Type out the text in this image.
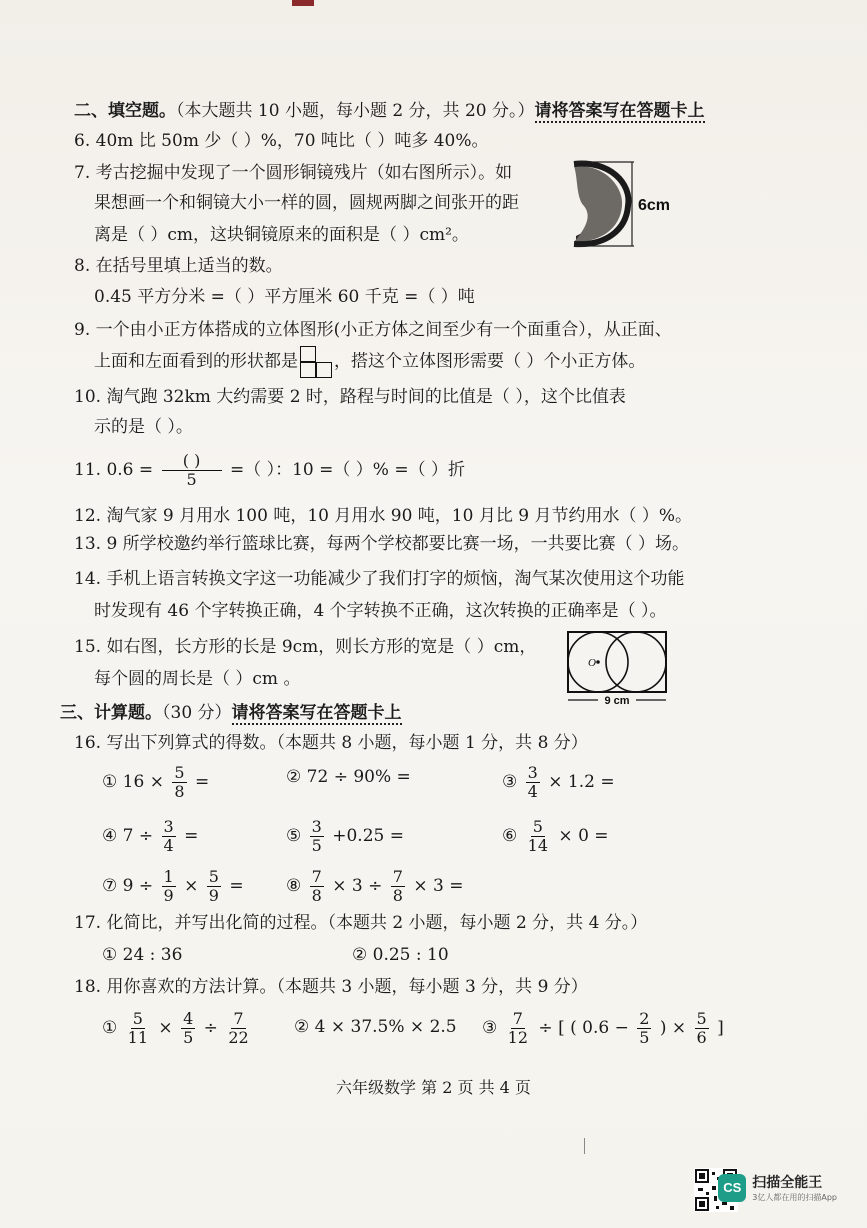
二、填空题。（本大题共 10 小题，每小题 2 分，共 20 分。）请将答案写在答题卡上
6. 40m 比 50m 少（ ）%，70 吨比（ ）吨多 40%。
7. 考古挖掘中发现了一个圆形铜镜残片（如右图所示）。如
果想画一个和铜镜大小一样的圆，圆规两脚之间张开的距
离是（ ）cm，这块铜镜原来的面积是（ ）cm²。
6cm
8. 在括号里填上适当的数。
0.45 平方分米 =（ ）平方厘米 60 千克 =（ ）吨
9. 一个由小正方体搭成的立体图形(小正方体之间至少有一个面重合），从正面、
上面和左面看到的形状都是 ，搭这个立体图形需要（ ）个小正方体。
10. 淘气跑 32km 大约需要 2 时，路程与时间的比值是（ ），这个比值表
示的是（ ）。
11. $0.6 = \frac{( )}{5}$ =（ ）：10 =（ ）% =（ ）折
12. 淘气家 9 月用水 100 吨，10 月用水 90 吨，10 月比 9 月节约用水（ ）%。
13. 9 所学校邀约举行篮球比赛，每两个学校都要比赛一场，一共要比赛（ ）场。
14. 手机上语言转换文字这一功能减少了我们打字的烦恼，淘气某次使用这个功能
时发现有 46 个字转换正确，4 个字转换不正确，这次转换的正确率是（ ）。
15. 如右图，长方形的长是 9cm，则长方形的宽是（ ）cm，
每个圆的周长是（ ）cm 。
O
9 cm
三、计算题。（30 分）请将答案写在答题卡上
16. 写出下列算式的得数。（本题共 8 小题，每小题 1 分，共 8 分）
① $16 \times \frac{5}{8}$ =	② 72 ÷ 90% =	③ $\frac{3}{4} \times 1.2$ =
④ $7 \div \frac{3}{4}$ =	⑤ $\frac{3}{5} +0.25$ =	⑥ $\frac{5}{14} \times 0$ =
⑦ $9 \div \frac{1}{9} \times \frac{5}{9}$ = ⑧ $\frac{7}{8} \times 3 \div \frac{7}{8} \times 3$ =
17. 化简比，并写出化简的过程。（本题共 2 小题，每小题 2 分，共 4 分。）
① 24 : 36	② 0.25 : 10
18. 用你喜欢的方法计算。（本题共 3 小题，每小题 3 分，共 9 分）
① $\frac{5}{11} \times \frac{4}{5} \div \frac{7}{22}$	② 4 × 37.5% × 2.5 ③ $\frac{7}{12}$ ÷ [ ( $0.6 - \frac{2}{5}$ ) × $\frac{5}{6}$ ]
六年级数学 第 2 页 共 4 页
CS 扫描全能王
3亿人都在用的扫描App
